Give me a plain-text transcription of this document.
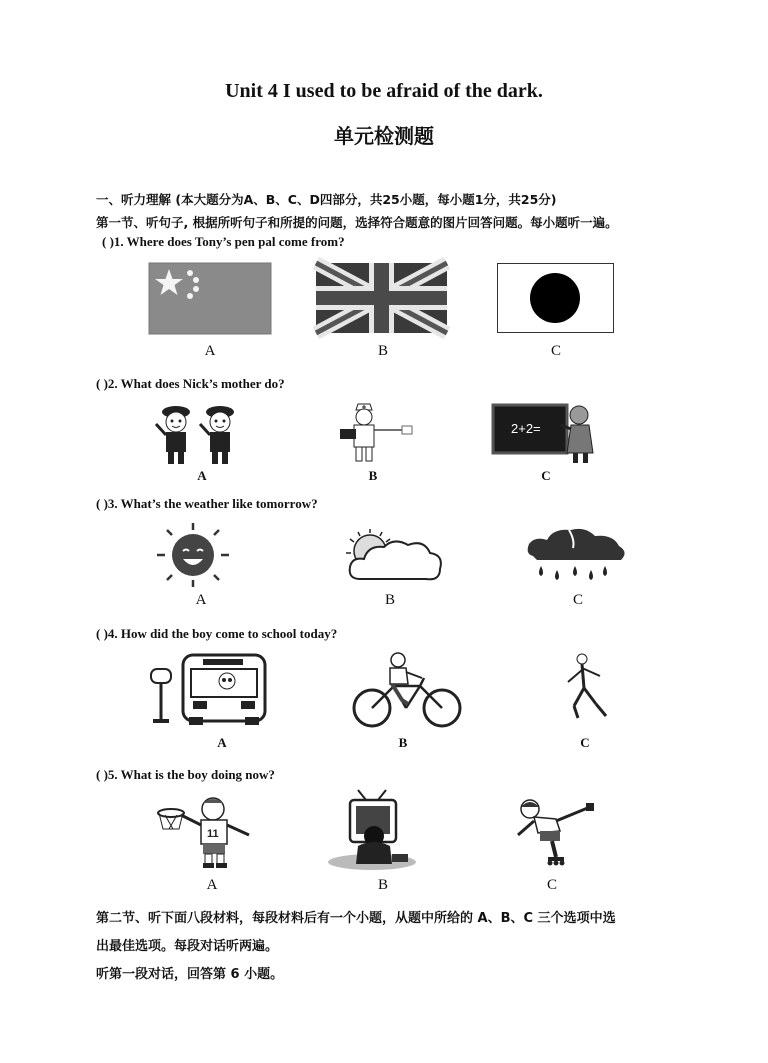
Unit 4 I used to be afraid of the dark.
单元检测题
一、听力理解 (本大题分为A、B、C、D四部分，共25小题，每小题1分，共25分)
第一节、听句子, 根据所听句子和所提的问题，选择符合题意的图片回答问题。每小题听一遍。
( )1. Where does Tony’s pen pal come from?
A	B	C
( )2. What does Nick’s mother do?
A	B
2+2=
C
( )3. What’s the weather like tomorrow?
A	B	C
( )4. How did the boy come to school today?
A	B	C
( )5. What is the boy doing now?
11
A	B	C
第二节、听下面八段材料，每段材料后有一个小题，从题中所给的 A、B、C 三个选项中选
出最佳选项。每段对话听两遍。
听第一段对话，回答第 6 小题。
